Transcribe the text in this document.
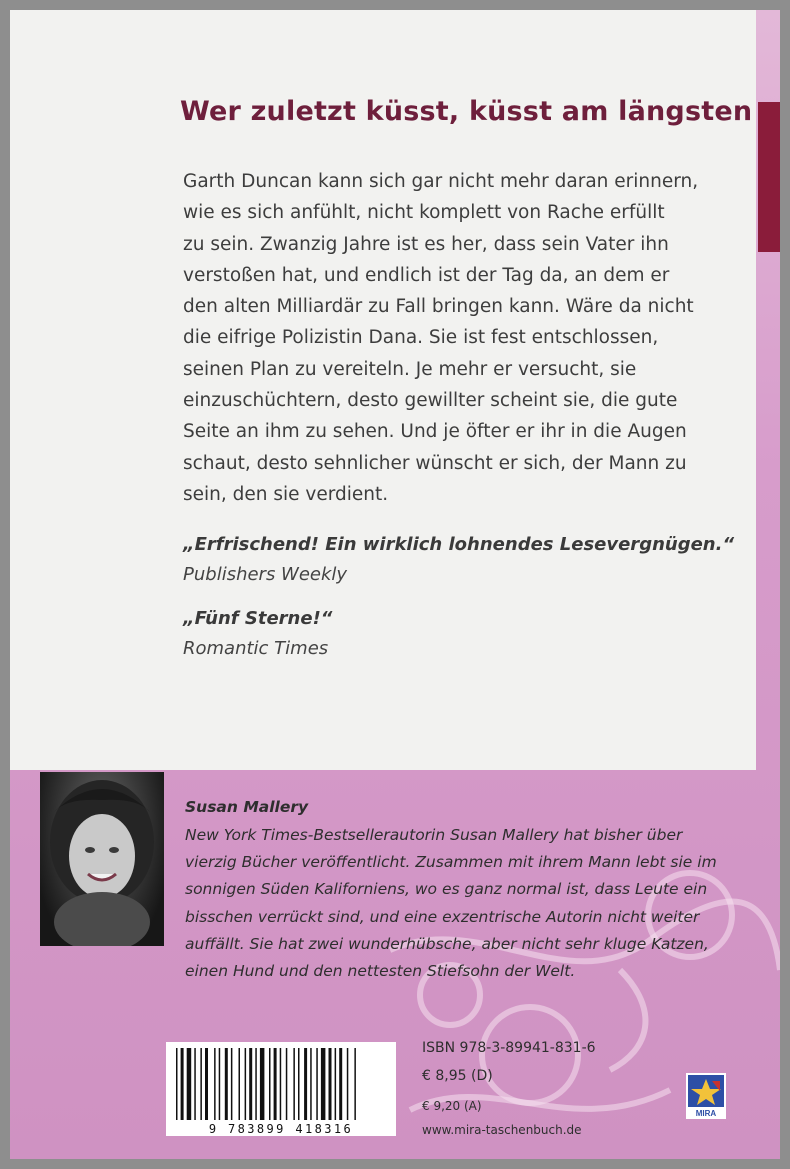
Wer zuletzt küsst, küsst am längsten

Garth Duncan kann sich gar nicht mehr daran erinnern,
wie es sich anfühlt, nicht komplett von Rache erfüllt
zu sein. Zwanzig Jahre ist es her, dass sein Vater ihn
verstoßen hat, und endlich ist der Tag da, an dem er
den alten Milliardär zu Fall bringen kann. Wäre da nicht
die eifrige Polizistin Dana. Sie ist fest entschlossen,
seinen Plan zu vereiteln. Je mehr er versucht, sie
einzuschüchtern, desto gewillter scheint sie, die gute
Seite an ihm zu sehen. Und je öfter er ihr in die Augen
schaut, desto sehnlicher wünscht er sich, der Mann zu
sein, den sie verdient.

„Erfrischend! Ein wirklich lohnendes Lesevergnügen.“

Publishers Weekly

„Fünf Sterne!“

Romantic Times

Susan Mallery

New York Times-Bestsellerautorin Susan Mallery hat bisher über
vierzig Bücher veröffentlicht. Zusammen mit ihrem Mann lebt sie im
sonnigen Süden Kaliforniens, wo es ganz normal ist, dass Leute ein
bisschen verrückt sind, und eine exzentrische Autorin nicht weiter
auffällt. Sie hat zwei wunderhübsche, aber nicht sehr kluge Katzen,
einen Hund und den nettesten Stiefsohn der Welt.

9 783899 418316

ISBN 978-3-89941-831-6

€ 8,95 (D)

€ 9,20 (A)

www.mira-taschenbuch.de

MIRA
